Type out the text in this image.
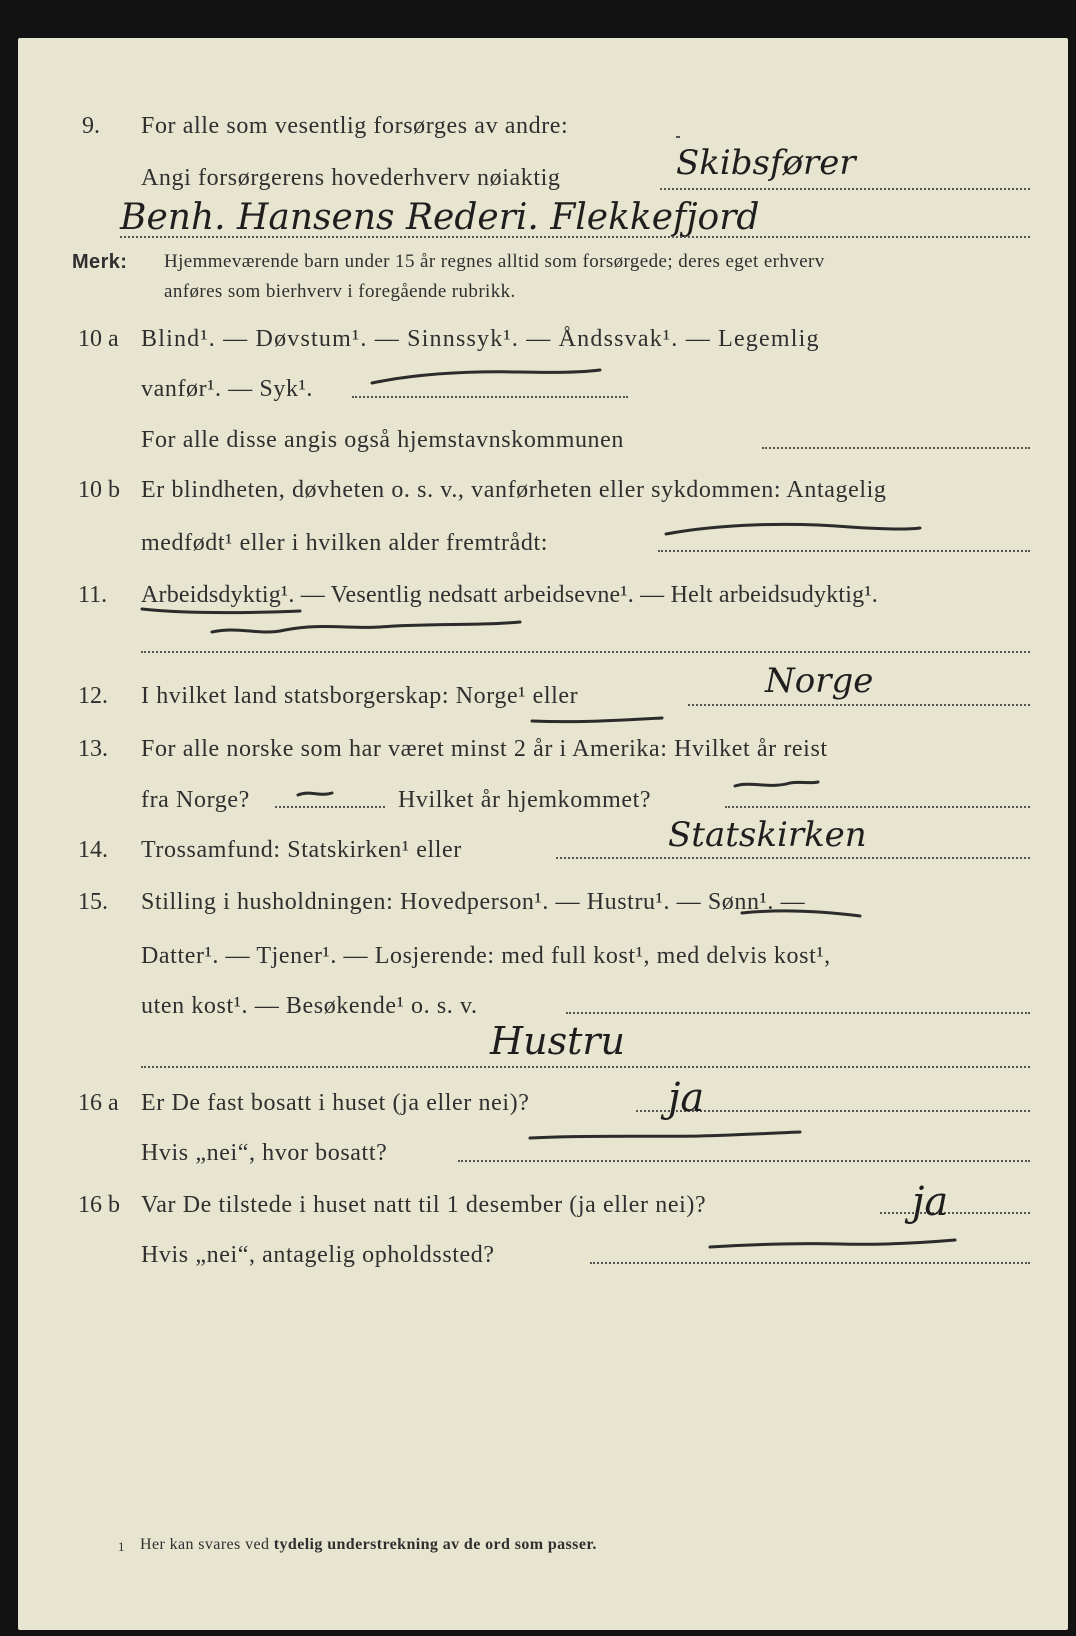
9. For alle som vesentlig forsørges av andre:
Skibsfører
Angi forsørgerens hovederhverv nøiaktig
Benh. Hansens Rederi. Flekkefjord
Merk: Hjemmeværende barn under 15 år regnes alltid som forsørgede; deres eget erhverv
anføres som bierhverv i foregående rubrikk.
10 a Blind¹. — Døvstum¹. — Sinnssyk¹. — Åndssvak¹. — Legemlig
vanfør¹. — Syk¹.
For alle disse angis også hjemstavnskommunen
10 b Er blindheten, døvheten o. s. v., vanførheten eller sykdommen: Antagelig
medfødt¹ eller i hvilken alder fremtrådt:
11. Arbeidsdyktig¹. — Vesentlig nedsatt arbeidsevne¹. — Helt arbeidsudyktig¹.
12. I hvilket land statsborgerskap: Norge¹ eller	Norge
13. For alle norske som har været minst 2 år i Amerika: Hvilket år reist
fra Norge?	Hvilket år hjemkommet?
14. Trossamfund: Statskirken¹ eller	Statskirken
15. Stilling i husholdningen: Hovedperson¹. — Hustru¹. — Sønn¹. —
Datter¹. — Tjener¹. — Losjerende: med full kost¹, med delvis kost¹,
uten kost¹. — Besøkende¹ o. s. v.
Hustru
16 a Er De fast bosatt i huset (ja eller nei)?	ja
Hvis „nei“, hvor bosatt?
16 b Var De tilstede i huset natt til 1 desember (ja eller nei)?	ja
Hvis „nei“, antagelig opholdssted?
1 Her kan svares ved tydelig understrekning av de ord som passer.
